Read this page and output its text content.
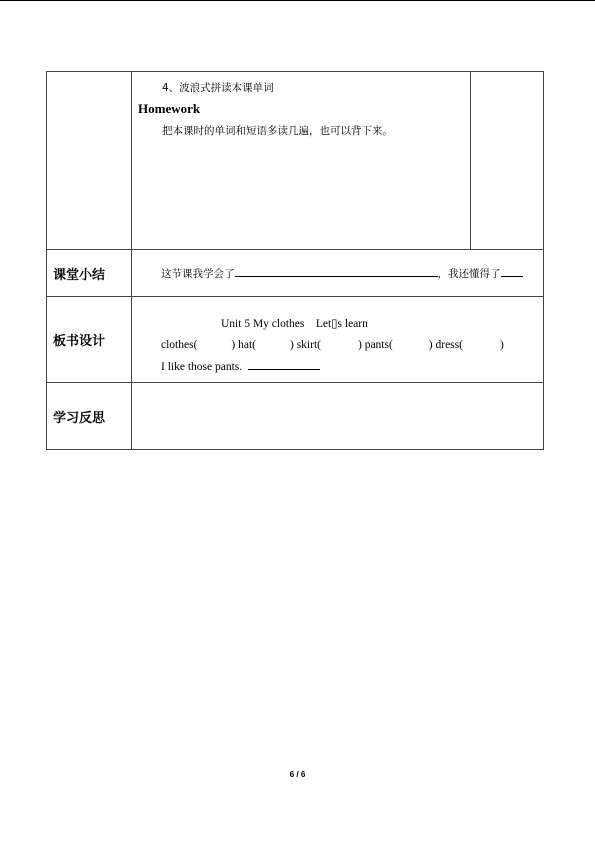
	4、波浪式拼读本课单词
Homework
把本课时的单词和短语多读几遍，也可以背下来。	

课堂小结	这节课我学会了 ，我还懂得了	
板书设计	Unit 5 My clothes    Let▯s learn
clothes( ) hat( ) skirt( ) pants( ) dress( )
I like those pants.	

学习反思		
6 / 6
